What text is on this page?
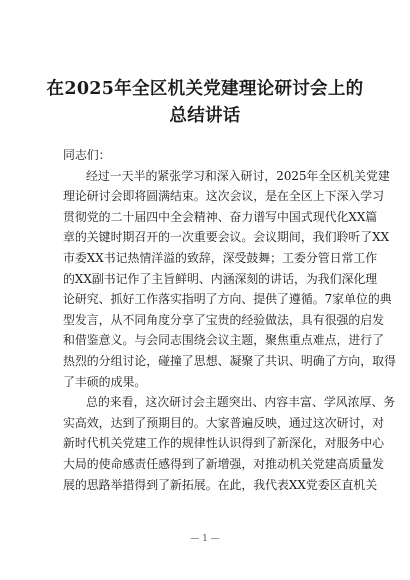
在2025年全区机关党建理论研讨会上的
总结讲话
同志们：
经过一天半的紧张学习和深入研讨，2025年全区机关党建
理论研讨会即将圆满结束。这次会议，是在全区上下深入学习
贯彻党的二十届四中全会精神、奋力谱写中国式现代化XX篇
章的关键时期召开的一次重要会议。会议期间，我们聆听了XX
市委XX书记热情洋溢的致辞，深受鼓舞；工委分管日常工作
的XX副书记作了主旨鲜明、内涵深刻的讲话，为我们深化理
论研究、抓好工作落实指明了方向、提供了遵循。7家单位的典
型发言，从不同角度分享了宝贵的经验做法，具有很强的启发
和借鉴意义。与会同志围绕会议主题，聚焦重点难点，进行了
热烈的分组讨论，碰撞了思想、凝聚了共识、明确了方向，取得
了丰硕的成果。
总的来看，这次研讨会主题突出、内容丰富、学风浓厚、务
实高效，达到了预期目的。大家普遍反映，通过这次研讨，对
新时代机关党建工作的规律性认识得到了新深化，对服务中心
大局的使命感责任感得到了新增强，对推动机关党建高质量发
展的思路举措得到了新拓展。在此，我代表XX党委区直机关
— 1 —
